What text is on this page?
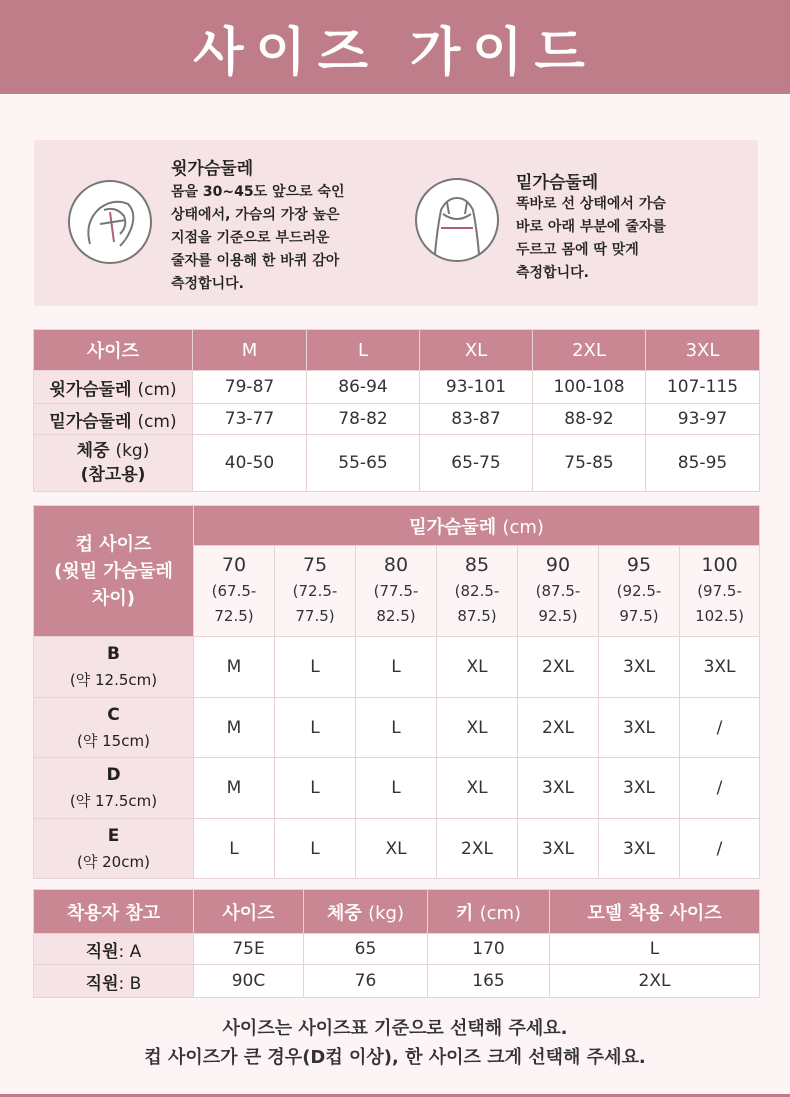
사이즈 가이드
윗가슴둘레
몸을 30~45도 앞으로 숙인
상태에서, 가슴의 가장 높은
지점을 기준으로 부드러운
줄자를 이용해 한 바퀴 감아
측정합니다.
밑가슴둘레
똑바로 선 상태에서 가슴
바로 아래 부분에 줄자를
두르고 몸에 딱 맞게
측정합니다.
사이즈	M	L	XL	2XL	3XL
윗가슴둘레 (cm)	79-87	86-94	93-101	100-108	107-115
밑가슴둘레 (cm)	73-77	78-82	83-87	88-92	93-97
체중 (kg)
(참고용)	40-50	55-65	65-75	75-85	85-95
컵 사이즈
(윗밑 가슴둘레
차이)	밑가슴둘레 (cm)						
	70
(67.5-
72.5)	75
(72.5-
77.5)	80
(77.5-
82.5)	85
(82.5-
87.5)	90
(87.5-
92.5)	95
(92.5-
97.5)	100
(97.5-
102.5)
B
(약 12.5cm)	M	L	L	XL	2XL	3XL	3XL
C
(약 15cm)	M	L	L	XL	2XL	3XL	/
D
(약 17.5cm)	M	L	L	XL	3XL	3XL	/
E
(약 20cm)	L	L	XL	2XL	3XL	3XL	/
착용자 참고	사이즈	체중 (kg)	키 (cm)	모델 착용 사이즈
직원: A	75E	65	170	L
직원: B	90C	76	165	2XL
사이즈는 사이즈표 기준으로 선택해 주세요.
컵 사이즈가 큰 경우(D컵 이상), 한 사이즈 크게 선택해 주세요.
